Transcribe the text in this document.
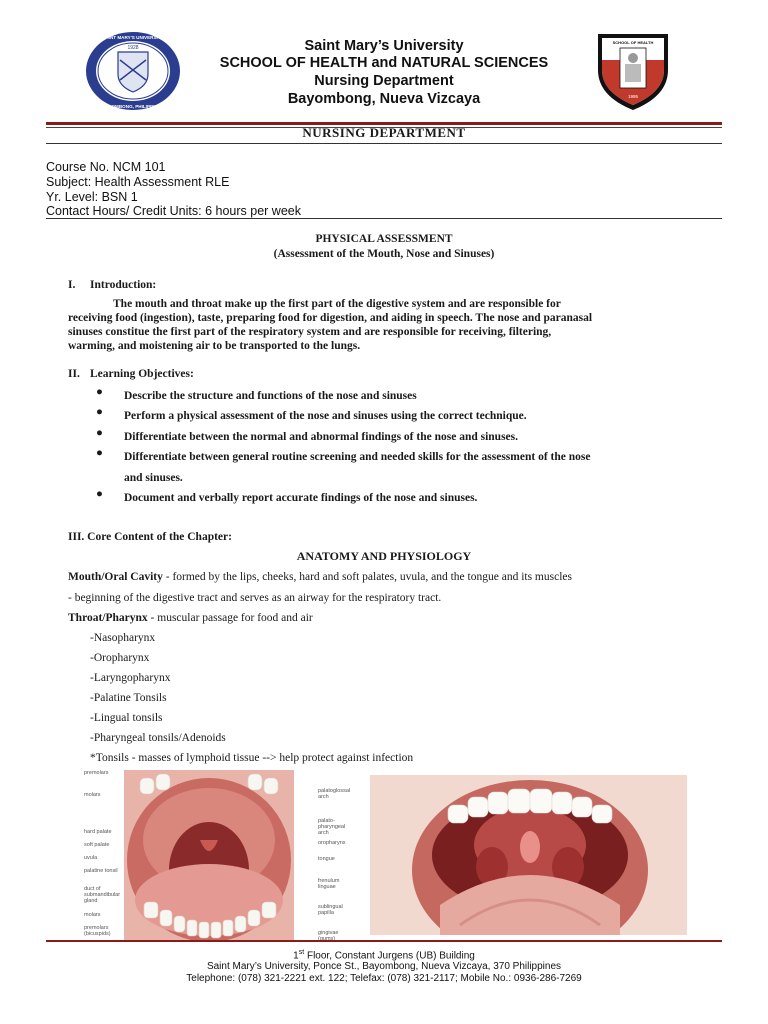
1928
SAINT MARY'S UNIVERSITY
BAYOMBONG, PHILIPPINES
SCHOOL OF HEALTH
1995
Saint Mary’s University
SCHOOL OF HEALTH and NATURAL SCIENCES
Nursing Department
Bayombong, Nueva Vizcaya
NURSING DEPARTMENT
Course No. NCM 101
Subject: Health Assessment RLE
Yr. Level: BSN 1
Contact Hours/ Credit Units: 6 hours per week
PHYSICAL ASSESSMENT
(Assessment of the Mouth, Nose and Sinuses)
I. Introduction:
The mouth and throat make up the first part of the digestive system and are responsible for
receiving food (ingestion), taste, preparing food for digestion, and aiding in speech. The nose and paranasal
sinuses constitue the first part of the respiratory system and are responsible for receiving, filtering,
warming, and moistening air to be transported to the lungs.
II. Learning Objectives:
● Describe the structure and functions of the nose and sinuses
● Perform a physical assessment of the nose and sinuses using the correct technique.
● Differentiate between the normal and abnormal findings of the nose and sinuses.
● Differentiate between general routine screening and needed skills for the assessment of the nose
and sinuses.
● Document and verbally report accurate findings of the nose and sinuses.
III. Core Content of the Chapter:
ANATOMY AND PHYSIOLOGY
Mouth/Oral Cavity - formed by the lips, cheeks, hard and soft palates, uvula, and the tongue and its muscles
- beginning of the digestive tract and serves as an airway for the respiratory tract.
Throat/Pharynx - muscular passage for food and air
-Nasopharynx
-Oropharynx
-Laryngopharynx
-Palatine Tonsils
-Lingual tonsils
-Pharyngeal tonsils/Adenoids
*Tonsils - masses of lymphoid tissue --> help protect against infection
premolars
molars
hard palate
soft palate
uvula
palatine tonsil
duct of submandibular gland
molars
premolars (bicuspids)
palatoglossal arch
palato-pharyngeal arch
oropharynx
tongue
frenulum linguae
sublingual papilla
gingivae (gums)
1st Floor, Constant Jurgens (UB) Building
Saint Mary’s University, Ponce St., Bayombong, Nueva Vizcaya, 370 Philippines
Telephone: (078) 321-2221 ext. 122; Telefax: (078) 321-2117; Mobile No.: 0936-286-7269
